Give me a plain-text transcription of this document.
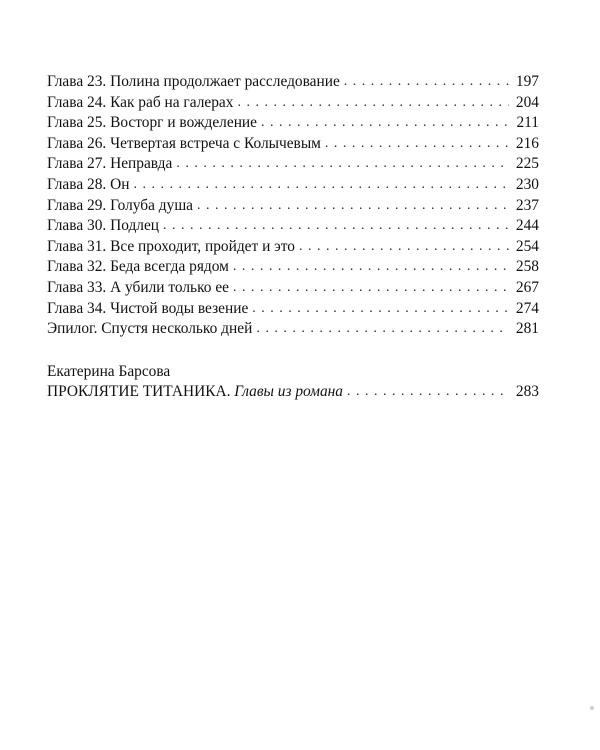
Глава 23. Полина продолжает расследование . . .	197
Глава 24. Как раб на галерах . . .	204
Глава 25. Восторг и вожделение . . .	211
Глава 26. Четвертая встреча с Колычевым . . .	216
Глава 27. Неправда . . .	225
Глава 28. Он . . .	230
Глава 29. Голуба душа . . .	237
Глава 30. Подлец . . .	244
Глава 31. Все проходит, пройдет и это . . .	254
Глава 32. Беда всегда рядом . . .	258
Глава 33. А убили только ее . . .	267
Глава 34. Чистой воды везение . . .	274
Эпилог. Спустя несколько дней . . .	281
Екатерина Барсова
ПРОКЛЯТИЕ ТИТАНИКА. Главы из романа . . .	283
